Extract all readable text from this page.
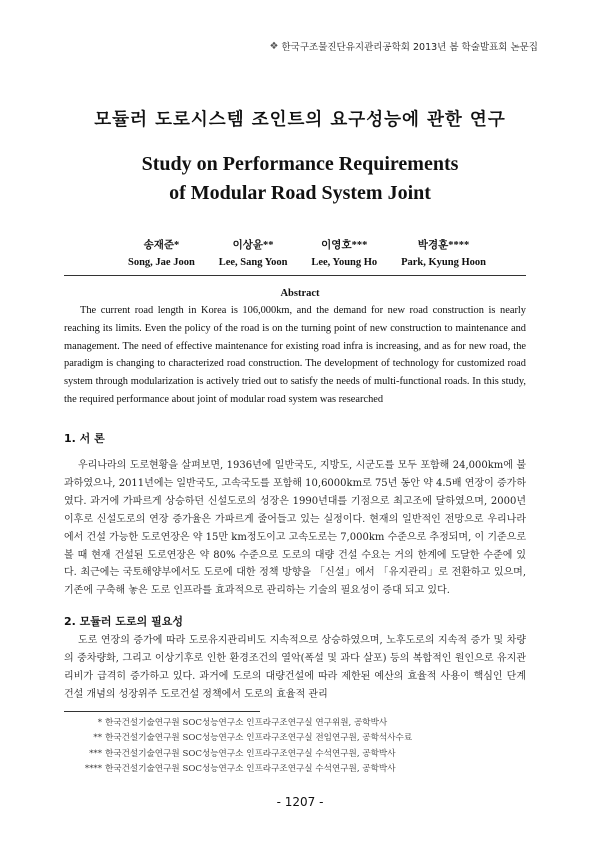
❖ 한국구조물진단유지관리공학회 2013년 봄 학술발표회 논문집
모듈러 도로시스템 조인트의 요구성능에 관한 연구
Study on Performance Requirements
of Modular Road System Joint
송재준*
Song, Jae Joon
이상윤**
Lee, Sang Yoon
이영호***
Lee, Young Ho
박경훈****
Park, Kyung Hoon
Abstract

The current road length in Korea is 106,000km, and the demand for new road construction is nearly reaching its limits. Even the policy of the road is on the turning point of new construction to maintenance and management. The need of effective maintenance for existing road infra is increasing, and as for new road, the paradigm is changing to characterized road construction. The development of technology for customized road system through modularization is actively tried out to satisfy the needs of multi-functional roads. In this study, the required performance about joint of modular road system was researched

1. 서 론

우리나라의 도로현황을 살펴보면, 1936년에 일반국도, 지방도, 시군도를 모두 포함해 24,000km에 불과하였으나, 2011년에는 일반국도, 고속국도를 포함해 10,6000km로 75년 동안 약 4.5배 연장이 증가하였다. 과거에 가파르게 상승하던 신설도로의 성장은 1990년대를 기점으로 최고조에 달하였으며, 2000년 이후로 신설도로의 연장 증가율은 가파르게 줄어들고 있는 실정이다. 현재의 일반적인 전망으로 우리나라에서 건설 가능한 도로연장은 약 15만 km정도이고 고속도로는 7,000km 수준으로 추정되며, 이 기준으로 볼 때 현재 건설된 도로연장은 약 80% 수준으로 도로의 대량 건설 수요는 거의 한계에 도달한 수준에 있다. 최근에는 국토해양부에서도 도로에 대한 정책 방향을 「신설」에서 「유지관리」로 전환하고 있으며, 기존에 구축해 놓은 도로 인프라를 효과적으로 관리하는 기술의 필요성이 증대 되고 있다.

2. 모듈러 도로의 필요성

도로 연장의 증가에 따라 도로유지관리비도 지속적으로 상승하였으며, 노후도로의 지속적 증가 및 차량의 중차량화, 그리고 이상기후로 인한 환경조건의 열악(폭설 및 과다 살포) 등의 복합적인 원인으로 유지관리비가 급격히 증가하고 있다. 과거에 도로의 대량건설에 따라 제한된 예산의 효율적 사용이 핵심인 단계 건설 개념의 성장위주 도로건설 정책에서 도로의 효율적 관리

* 한국건설기술연구원 SOC성능연구소 인프라구조연구실 연구위원, 공학박사
** 한국건설기술연구원 SOC성능연구소 인프라구조연구실 전임연구원, 공학석사수료
*** 한국건설기술연구원 SOC성능연구소 인프라구조연구실 수석연구원, 공학박사
**** 한국건설기술연구원 SOC성능연구소 인프라구조연구실 수석연구원, 공학박사
- 1207 -
